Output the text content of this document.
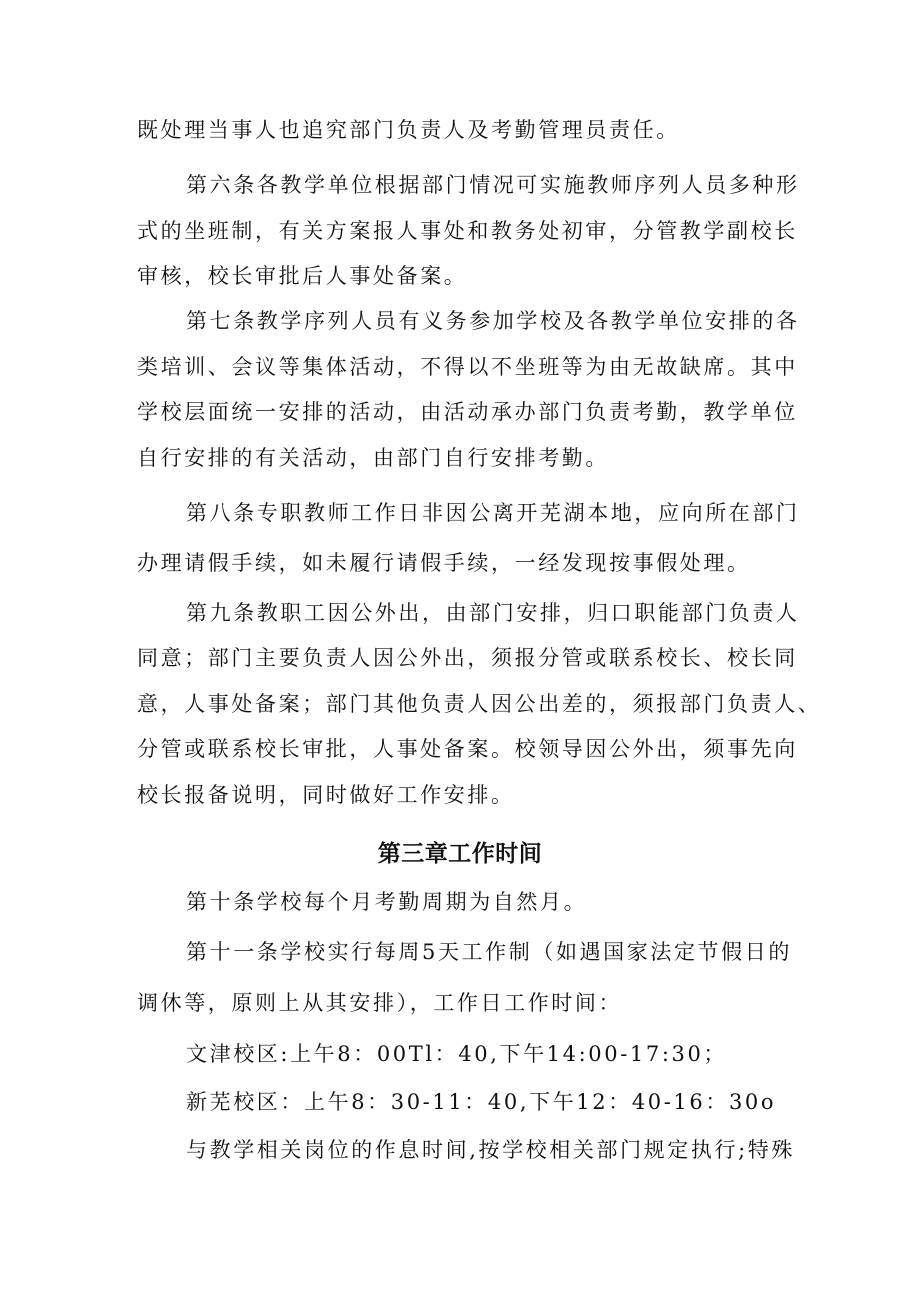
既处理当事人也追究部门负责人及考勤管理员责任。
第六条各教学单位根据部门情况可实施教师序列人员多种形
式的坐班制，有关方案报人事处和教务处初审，分管教学副校长
审核，校长审批后人事处备案。
第七条教学序列人员有义务参加学校及各教学单位安排的各
类培训、会议等集体活动，不得以不坐班等为由无故缺席。其中
学校层面统一安排的活动，由活动承办部门负责考勤，教学单位
自行安排的有关活动，由部门自行安排考勤。
第八条专职教师工作日非因公离开芜湖本地，应向所在部门
办理请假手续，如未履行请假手续，一经发现按事假处理。
第九条教职工因公外出，由部门安排，归口职能部门负责人
同意；部门主要负责人因公外出，须报分管或联系校长、校长同
意，人事处备案；部门其他负责人因公出差的，须报部门负责人、
分管或联系校长审批，人事处备案。校领导因公外出，须事先向
校长报备说明，同时做好工作安排。
第三章工作时间
第十条学校每个月考勤周期为自然月。
第十一条学校实行每周5天工作制（如遇国家法定节假日的
调休等，原则上从其安排），工作日工作时间：
文津校区:上午8：00Tl：40,下午14:00-17:30；
新芜校区：上午8：30-11：40,下午12：40-16：30o
与教学相关岗位的作息时间,按学校相关部门规定执行;特殊
